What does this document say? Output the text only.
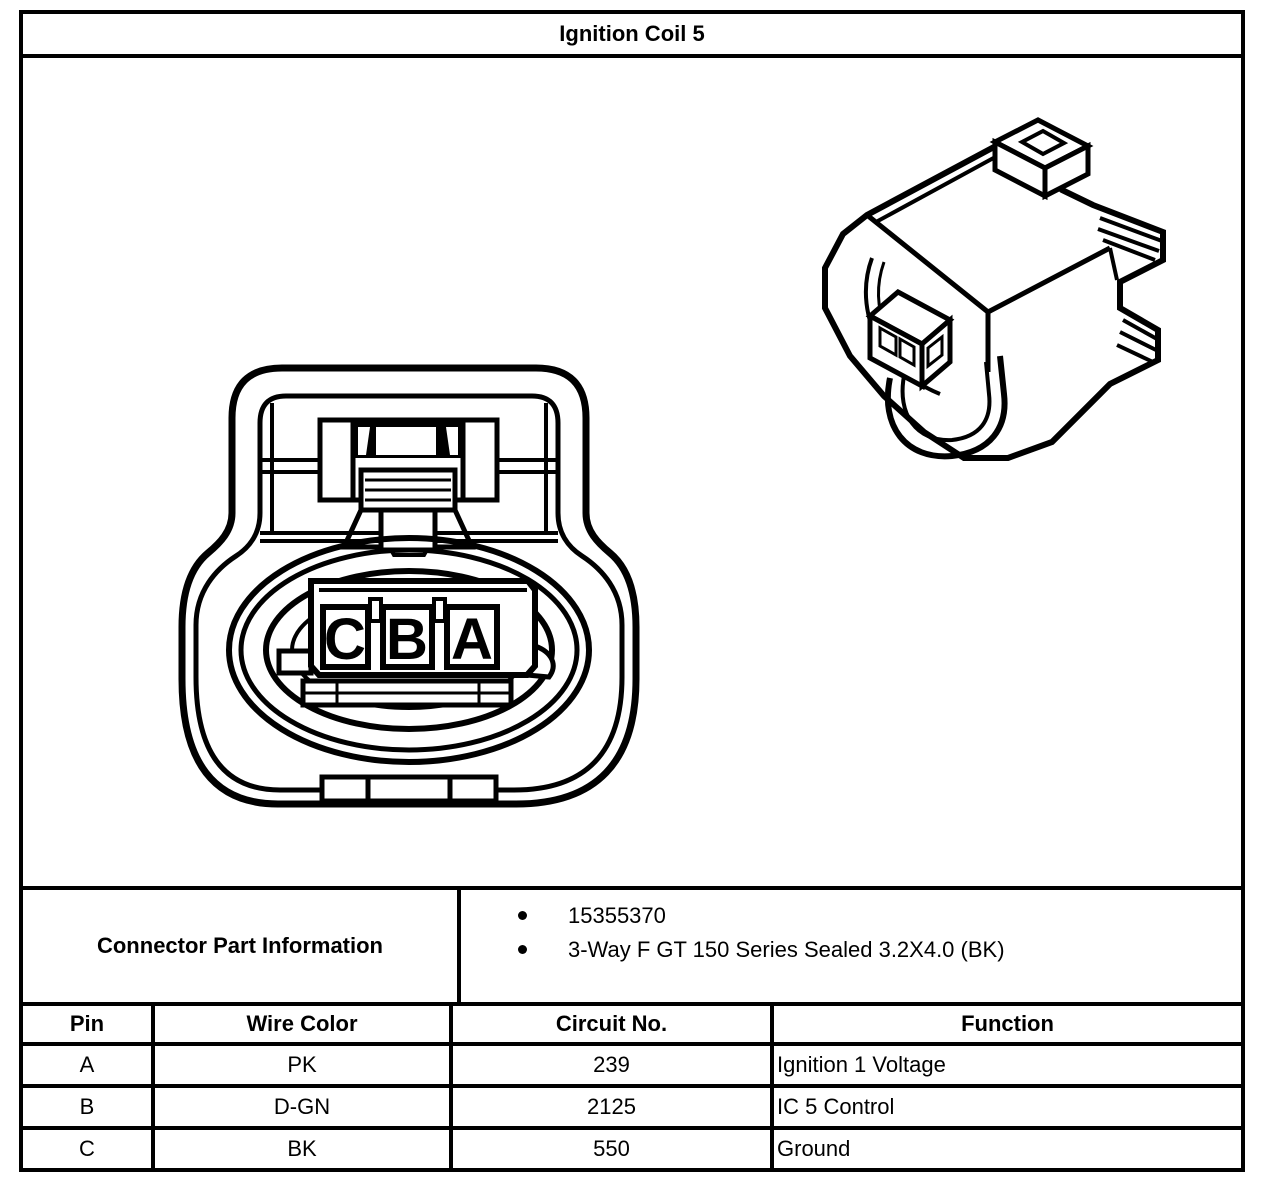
Ignition Coil 5
C B A
Connector Part Information
15355370
3-Way F GT 150 Series Sealed 3.2X4.0 (BK)
Pin	Wire Color	Circuit No.	Function
A	PK	239	Ignition 1 Voltage
B	D-GN	2125	IC 5 Control
C	BK	550	Ground
